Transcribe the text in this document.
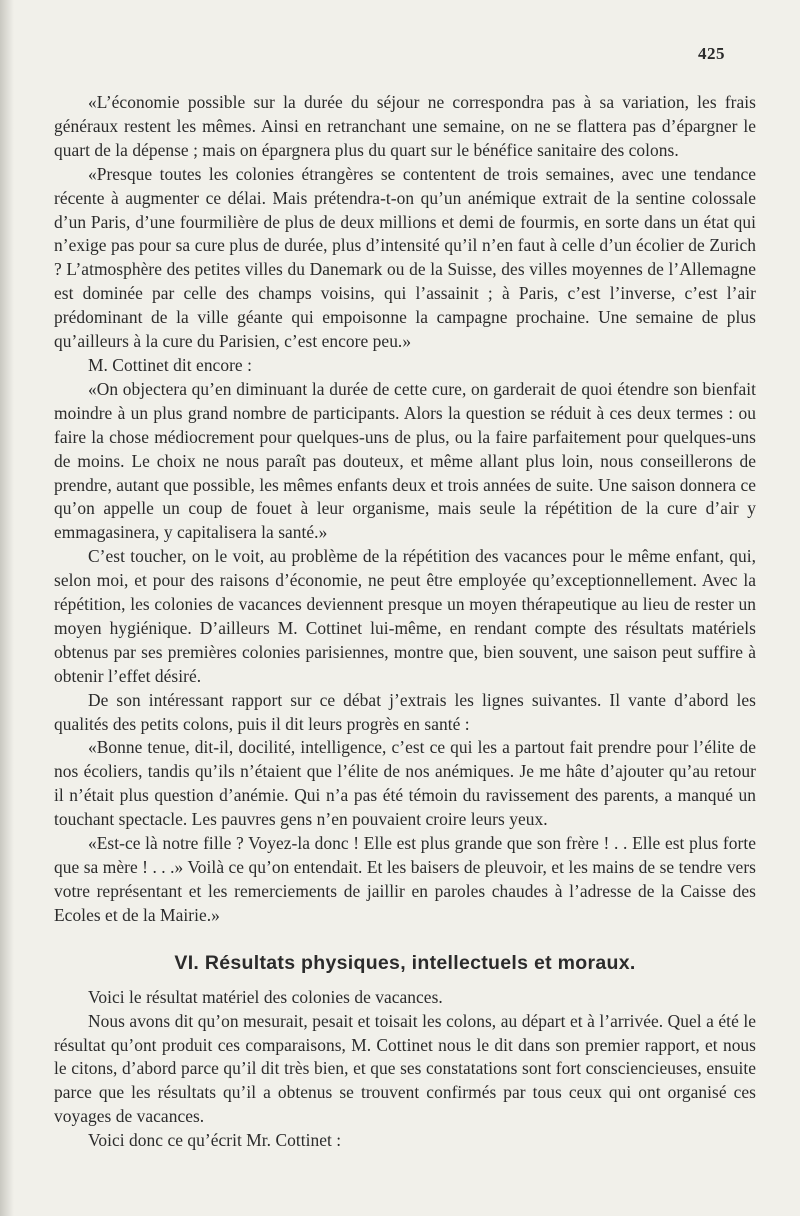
425

«L’économie possible sur la durée du séjour ne correspondra pas à sa variation, les frais généraux restent les mêmes. Ainsi en retranchant une semaine, on ne se flattera pas d’épargner le quart de la dépense ; mais on épargnera plus du quart sur le bénéfice sanitaire des colons.

«Presque toutes les colonies étrangères se contentent de trois semaines, avec une tendance récente à augmenter ce délai. Mais prétendra-t-on qu’un anémique extrait de la sentine colossale d’un Paris, d’une fourmilière de plus de deux millions et demi de fourmis, en sorte dans un état qui n’exige pas pour sa cure plus de durée, plus d’intensité qu’il n’en faut à celle d’un écolier de Zurich ? L’atmosphère des petites villes du Danemark ou de la Suisse, des villes moyennes de l’Allemagne est dominée par celle des champs voisins, qui l’assainit ; à Paris, c’est l’inverse, c’est l’air prédominant de la ville géante qui empoisonne la campagne prochaine. Une semaine de plus qu’ailleurs à la cure du Parisien, c’est encore peu.»

M. Cottinet dit encore :

«On objectera qu’en diminuant la durée de cette cure, on garderait de quoi étendre son bienfait moindre à un plus grand nombre de participants. Alors la question se réduit à ces deux termes : ou faire la chose médiocrement pour quelques-uns de plus, ou la faire parfaitement pour quelques-uns de moins. Le choix ne nous paraît pas douteux, et même allant plus loin, nous conseillerons de prendre, autant que possible, les mêmes enfants deux et trois années de suite. Une saison donnera ce qu’on appelle un coup de fouet à leur organisme, mais seule la répétition de la cure d’air y emmagasinera, y capitalisera la santé.»

C’est toucher, on le voit, au problème de la répétition des vacances pour le même enfant, qui, selon moi, et pour des raisons d’économie, ne peut être employée qu’exceptionnellement. Avec la répétition, les colonies de vacances deviennent presque un moyen thérapeutique au lieu de rester un moyen hygiénique. D’ailleurs M. Cottinet lui-même, en rendant compte des résultats matériels obtenus par ses premières colonies parisiennes, montre que, bien souvent, une saison peut suffire à obtenir l’effet désiré.

De son intéressant rapport sur ce débat j’extrais les lignes suivantes. Il vante d’abord les qualités des petits colons, puis il dit leurs progrès en santé :

«Bonne tenue, dit-il, docilité, intelligence, c’est ce qui les a partout fait prendre pour l’élite de nos écoliers, tandis qu’ils n’étaient que l’élite de nos anémiques. Je me hâte d’ajouter qu’au retour il n’était plus question d’anémie. Qui n’a pas été témoin du ravissement des parents, a manqué un touchant spectacle. Les pauvres gens n’en pouvaient croire leurs yeux.

«Est-ce là notre fille ? Voyez-la donc ! Elle est plus grande que son frère ! . . Elle est plus forte que sa mère ! . . .» Voilà ce qu’on entendait. Et les baisers de pleuvoir, et les mains de se tendre vers votre représentant et les remerciements de jaillir en paroles chaudes à l’adresse de la Caisse des Ecoles et de la Mairie.»

VI. Résultats physiques, intellectuels et moraux.

Voici le résultat matériel des colonies de vacances.

Nous avons dit qu’on mesurait, pesait et toisait les colons, au départ et à l’arrivée. Quel a été le résultat qu’ont produit ces comparaisons, M. Cottinet nous le dit dans son premier rapport, et nous le citons, d’abord parce qu’il dit très bien, et que ses constatations sont fort consciencieuses, ensuite parce que les résultats qu’il a obtenus se trouvent confirmés par tous ceux qui ont organisé ces voyages de vacances.

Voici donc ce qu’écrit Mr. Cottinet :
